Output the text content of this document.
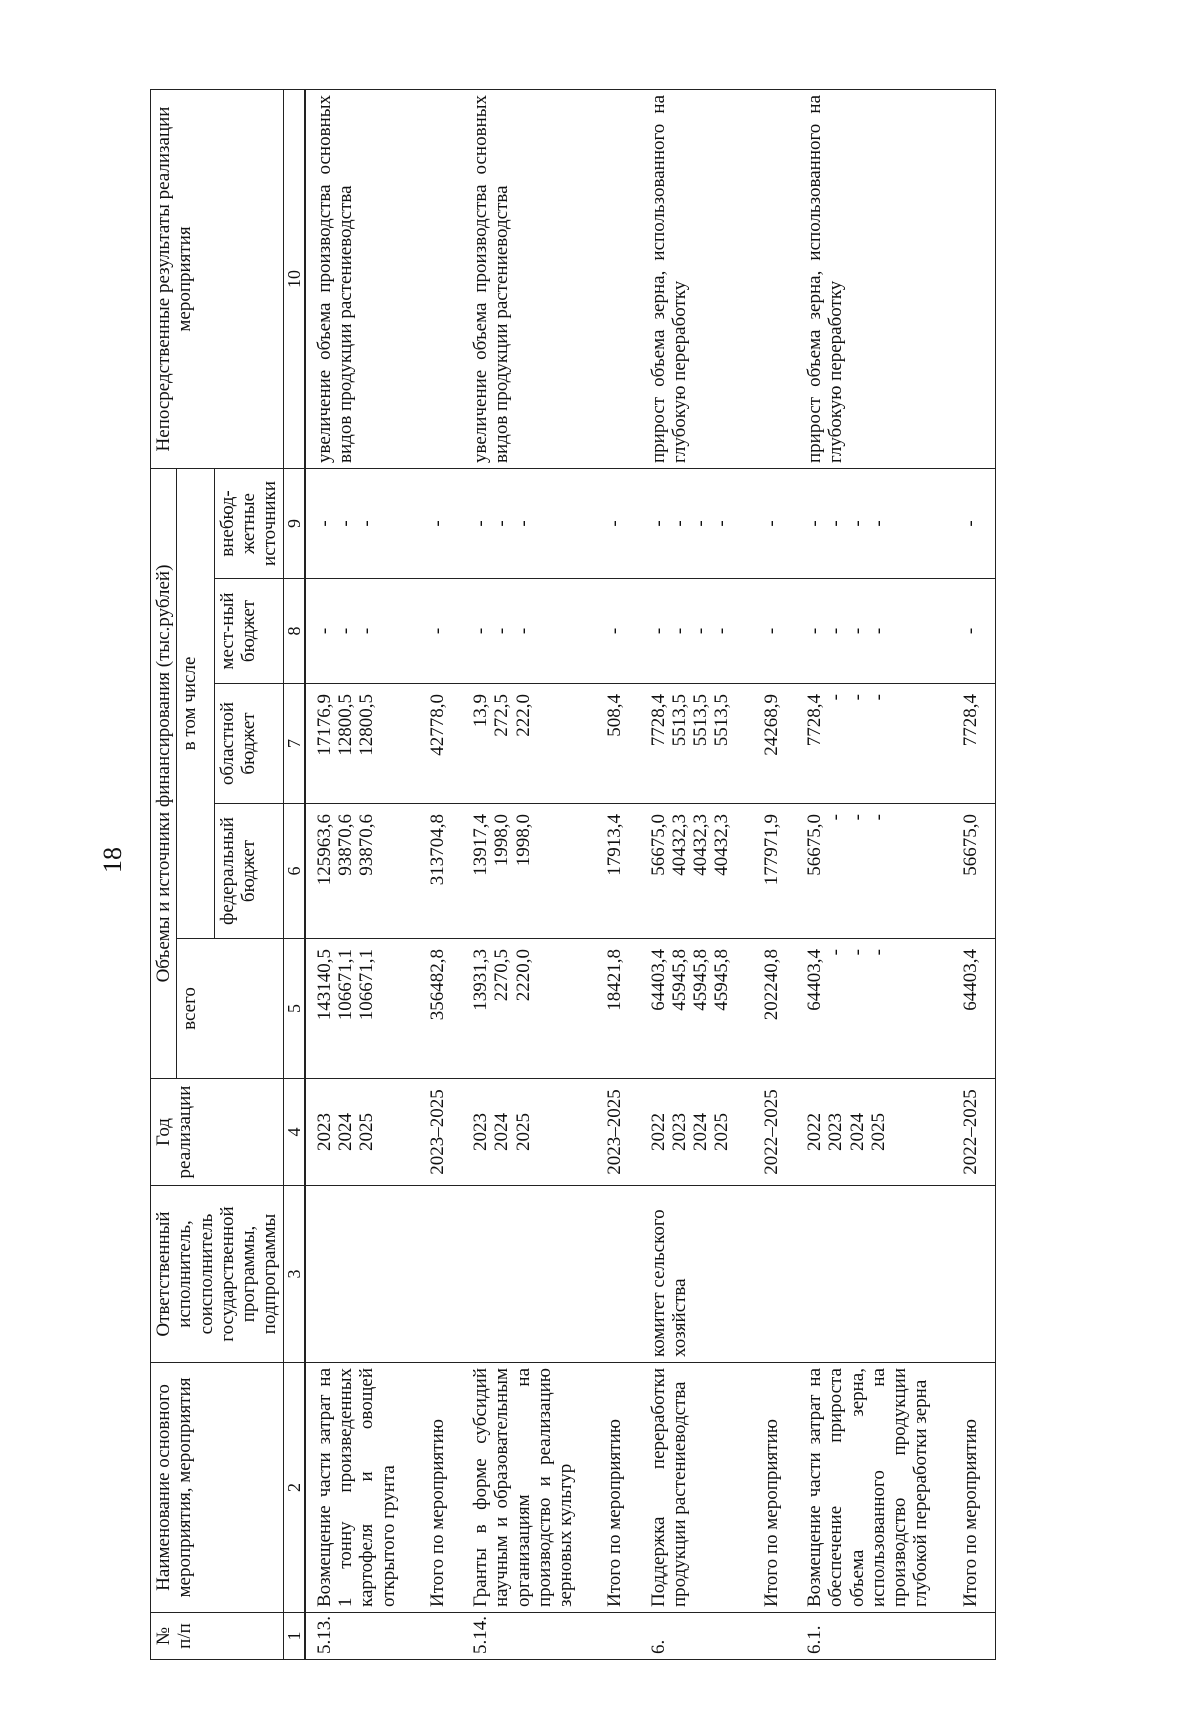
18
№ п/п	Наименование основного мероприятия, мероприятия	Ответственный исполнитель, соисполнитель государственной программы, подпрограммы	Год реализации	Объемы и источники финансирования (тыс.рублей)					Непосредственные результаты реализации мероприятия
				всего	в том числе				
					федеральный бюджет	областной бюджет	мест-ный бюджет	внебюд-жетные источники	
1	2	3	4	5	6	7	8	9	10
5.13.	Возмещение части затрат на 1 тонну произведенных картофеля и овощей открытого грунта		2023 2024 2025	143140,5 106671,1 106671,1	125963,6 93870,6 93870,6	17176,9 12800,5 12800,5	- - -	- - -	увеличение объема производства основных видов продукции растениеводства
	Итого по мероприятию		2023–2025	356482,8	313704,8	42778,0	-	-	

5.14.	Гранты в форме субсидий научным и образовательным организациям на производство и реализацию зерновых культур		2023 2024 2025	13931,3 2270,5 2220,0	13917,4 1998,0 1998,0	13,9 272,5 222,0	- - -	- - -	увеличение объема производства основных видов продукции растениеводства
	Итого по мероприятию		2023–2025	18421,8	17913,4	508,4	-	-	

6.	Поддержка переработки продукции растениеводства	комитет сельского хозяйства	2022 2023 2024 2025	64403,4 45945,8 45945,8 45945,8	56675,0 40432,3 40432,3 40432,3	7728,4 5513,5 5513,5 5513,5	- - - -	- - - -	прирост объема зерна, использованного на глубокую переработку
	Итого по мероприятию		2022–2025	202240,8	177971,9	24268,9	-	-	

6.1.	Возмещение части затрат на обеспечение прироста объема зерна, использованного на производство продукции глубокой переработки зерна		2022 2023 2024 2025	64403,4 - - -	56675,0 - - -	7728,4 - - -	- - - -	- - - -	прирост объема зерна, использованного на глубокую переработку
	Итого по мероприятию		2022–2025	64403,4	56675,0	7728,4	-	-	
